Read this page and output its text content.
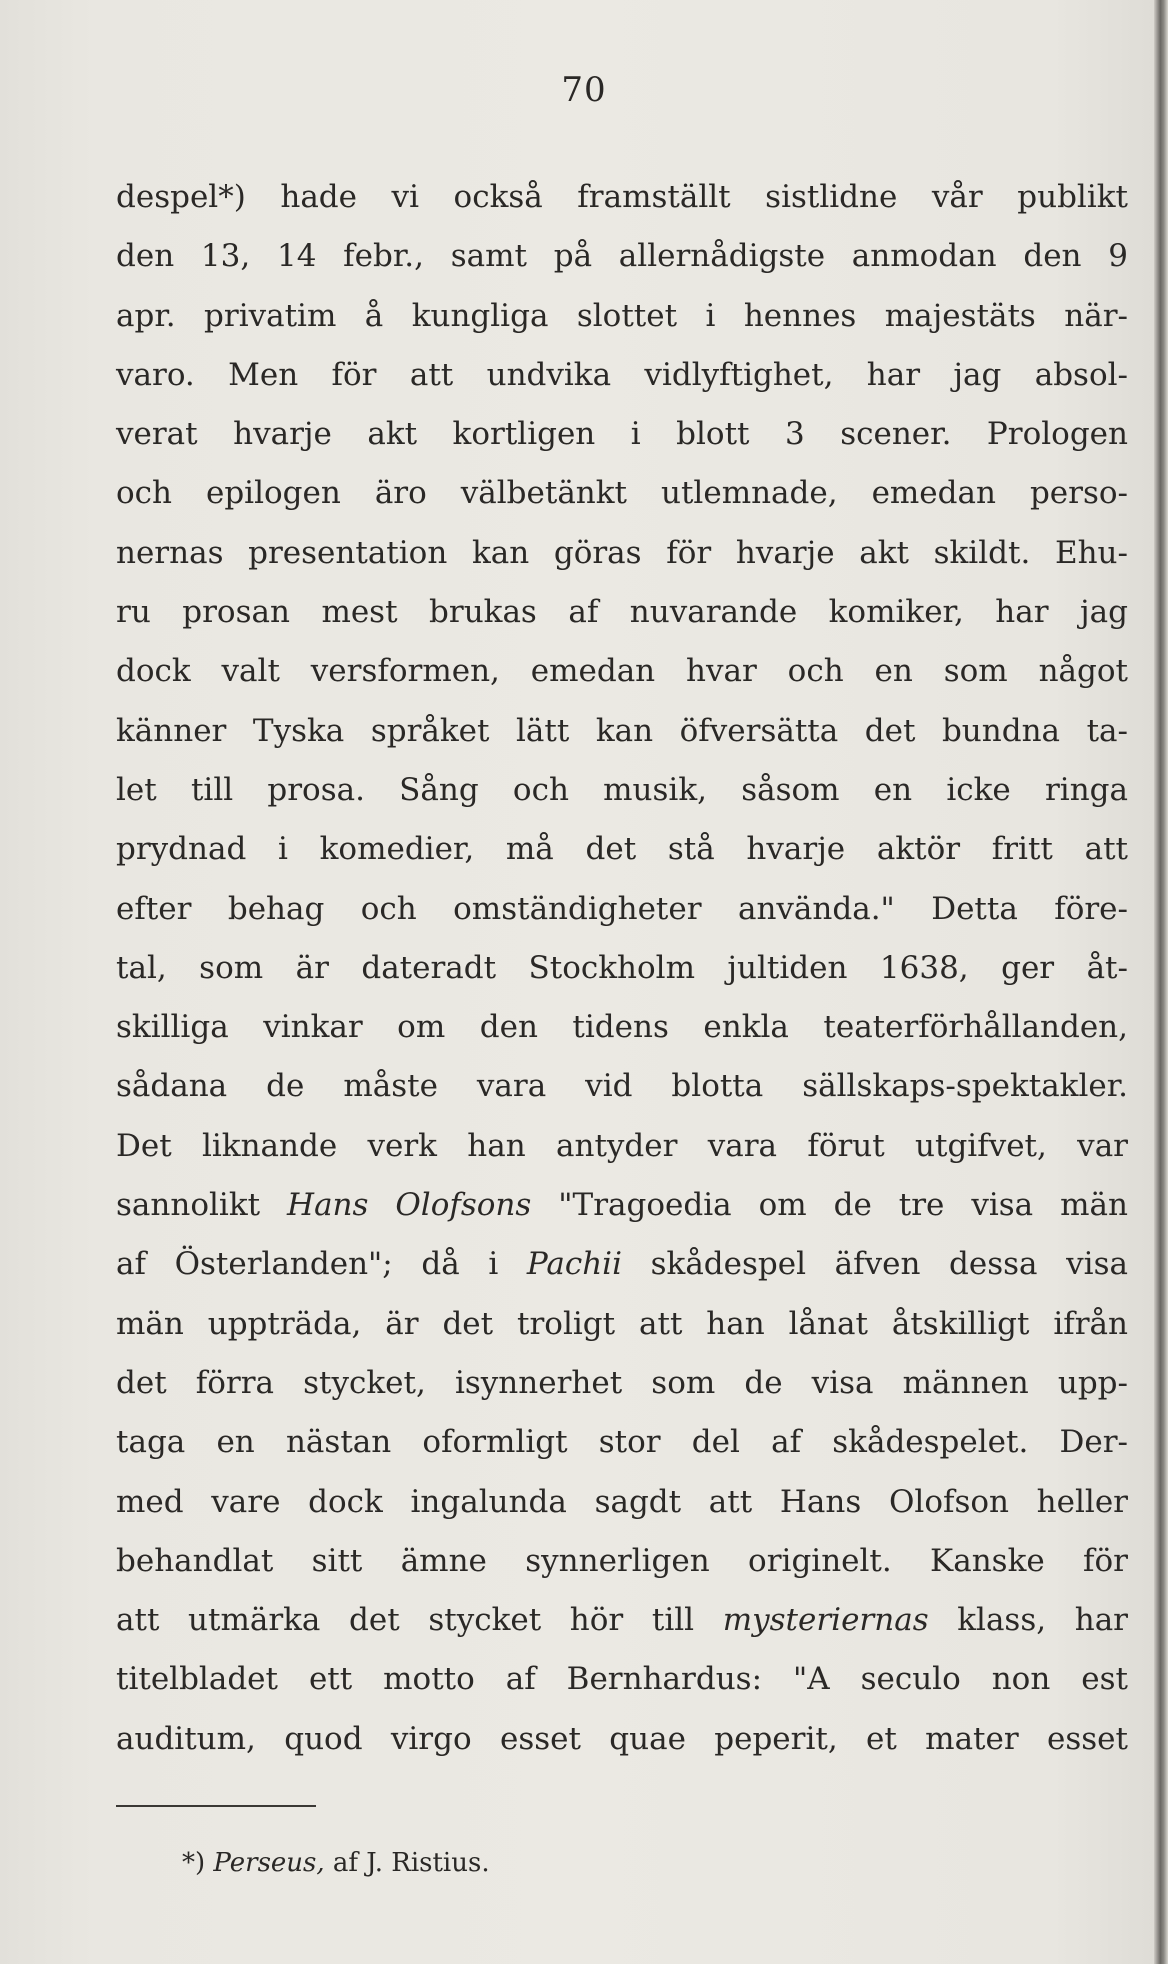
70
despel*) hade vi också framställt sistlidne vår publikt
den 13, 14 febr., samt på allernådigste anmodan den 9
apr. privatim å kungliga slottet i hennes majestäts när-
varo. Men för att undvika vidlyftighet, har jag absol-
verat hvarje akt kortligen i blott 3 scener. Prologen
och epilogen äro välbetänkt utlemnade, emedan perso-
nernas presentation kan göras för hvarje akt skildt. Ehu-
ru prosan mest brukas af nuvarande komiker, har jag
dock valt versformen, emedan hvar och en som något
känner Tyska språket lätt kan öfversätta det bundna ta-
let till prosa. Sång och musik, såsom en icke ringa
prydnad i komedier, må det stå hvarje aktör fritt att
efter behag och omständigheter använda." Detta före-
tal, som är dateradt Stockholm jultiden 1638, ger åt-
skilliga vinkar om den tidens enkla teaterförhållanden,
sådana de måste vara vid blotta sällskaps-spektakler.
Det liknande verk han antyder vara förut utgifvet, var
sannolikt Hans Olofsons "Tragoedia om de tre visa män
af Österlanden"; då i Pachii skådespel äfven dessa visa
män uppträda, är det troligt att han lånat åtskilligt ifrån
det förra stycket, isynnerhet som de visa männen upp-
taga en nästan oformligt stor del af skådespelet. Der-
med vare dock ingalunda sagdt att Hans Olofson heller
behandlat sitt ämne synnerligen originelt. Kanske för
att utmärka det stycket hör till mysteriernas klass, har
titelbladet ett motto af Bernhardus: "A seculo non est
auditum, quod virgo esset quae peperit, et mater esset
*) Perseus, af J. Ristius.
